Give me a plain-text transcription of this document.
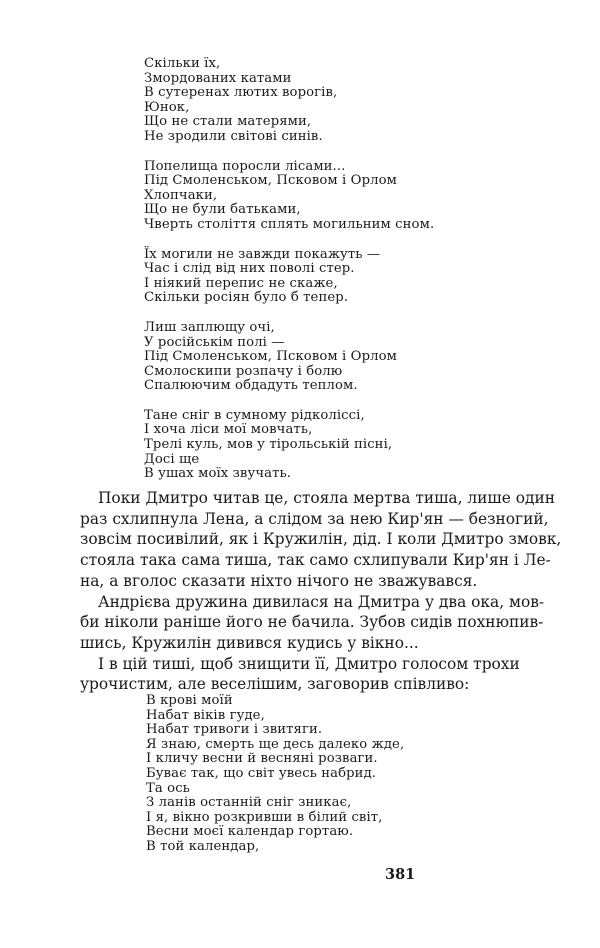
Скільки їх,
Змордованих катами
В сутеренах лютих ворогів,
Юнок,
Що не стали матерями,
Не зродили світові синів.
Попелища поросли лісами...
Під Смоленськом, Псковом і Орлом
Хлопчаки,
Що не були батьками,
Чверть століття сплять могильним сном.
Їх могили не завжди покажуть —
Час і слід від них поволі стер.
І ніякий перепис не скаже,
Скільки росіян було б тепер.
Лиш заплющу очі,
У російськім полі —
Під Смоленськом, Псковом і Орлом
Смолоскипи розпачу і болю
Спалюючим обдадуть теплом.
Тане сніг в сумному рідколіссі,
І хоча ліси мої мовчать,
Трелі куль, мов у тірольській пісні,
Досі ще
В ушах моїх звучать.
Поки Дмитро читав це, стояла мертва тиша, лише один
раз схлипнула Лена, а слідом за нею Кир'ян — безногий,
зовсім посивілий, як і Кружилін, дід. І коли Дмитро змовк,
стояла така сама тиша, так само схлипували Кир'ян і Ле-
на, а вголос сказати ніхто нічого не зважувався.
Андрієва дружина дивилася на Дмитра у два ока, мов-
би ніколи раніше його не бачила. Зубов сидів похнюпив-
шись, Кружилін дивився кудись у вікно...
І в цій тиші, щоб знищити її, Дмитро голосом трохи
урочистим, але веселішим, заговорив співливо:
В крові моїй
Набат віків гуде,
Набат тривоги і звитяги.
Я знаю, смерть ще десь далеко жде,
І кличу весни й весняні розваги.
Буває так, що світ увесь набрид.
Та ось
З ланів останній сніг зникає,
І я, вікно розкривши в білий світ,
Весни моєї календар гортаю.
В той календар,
381
